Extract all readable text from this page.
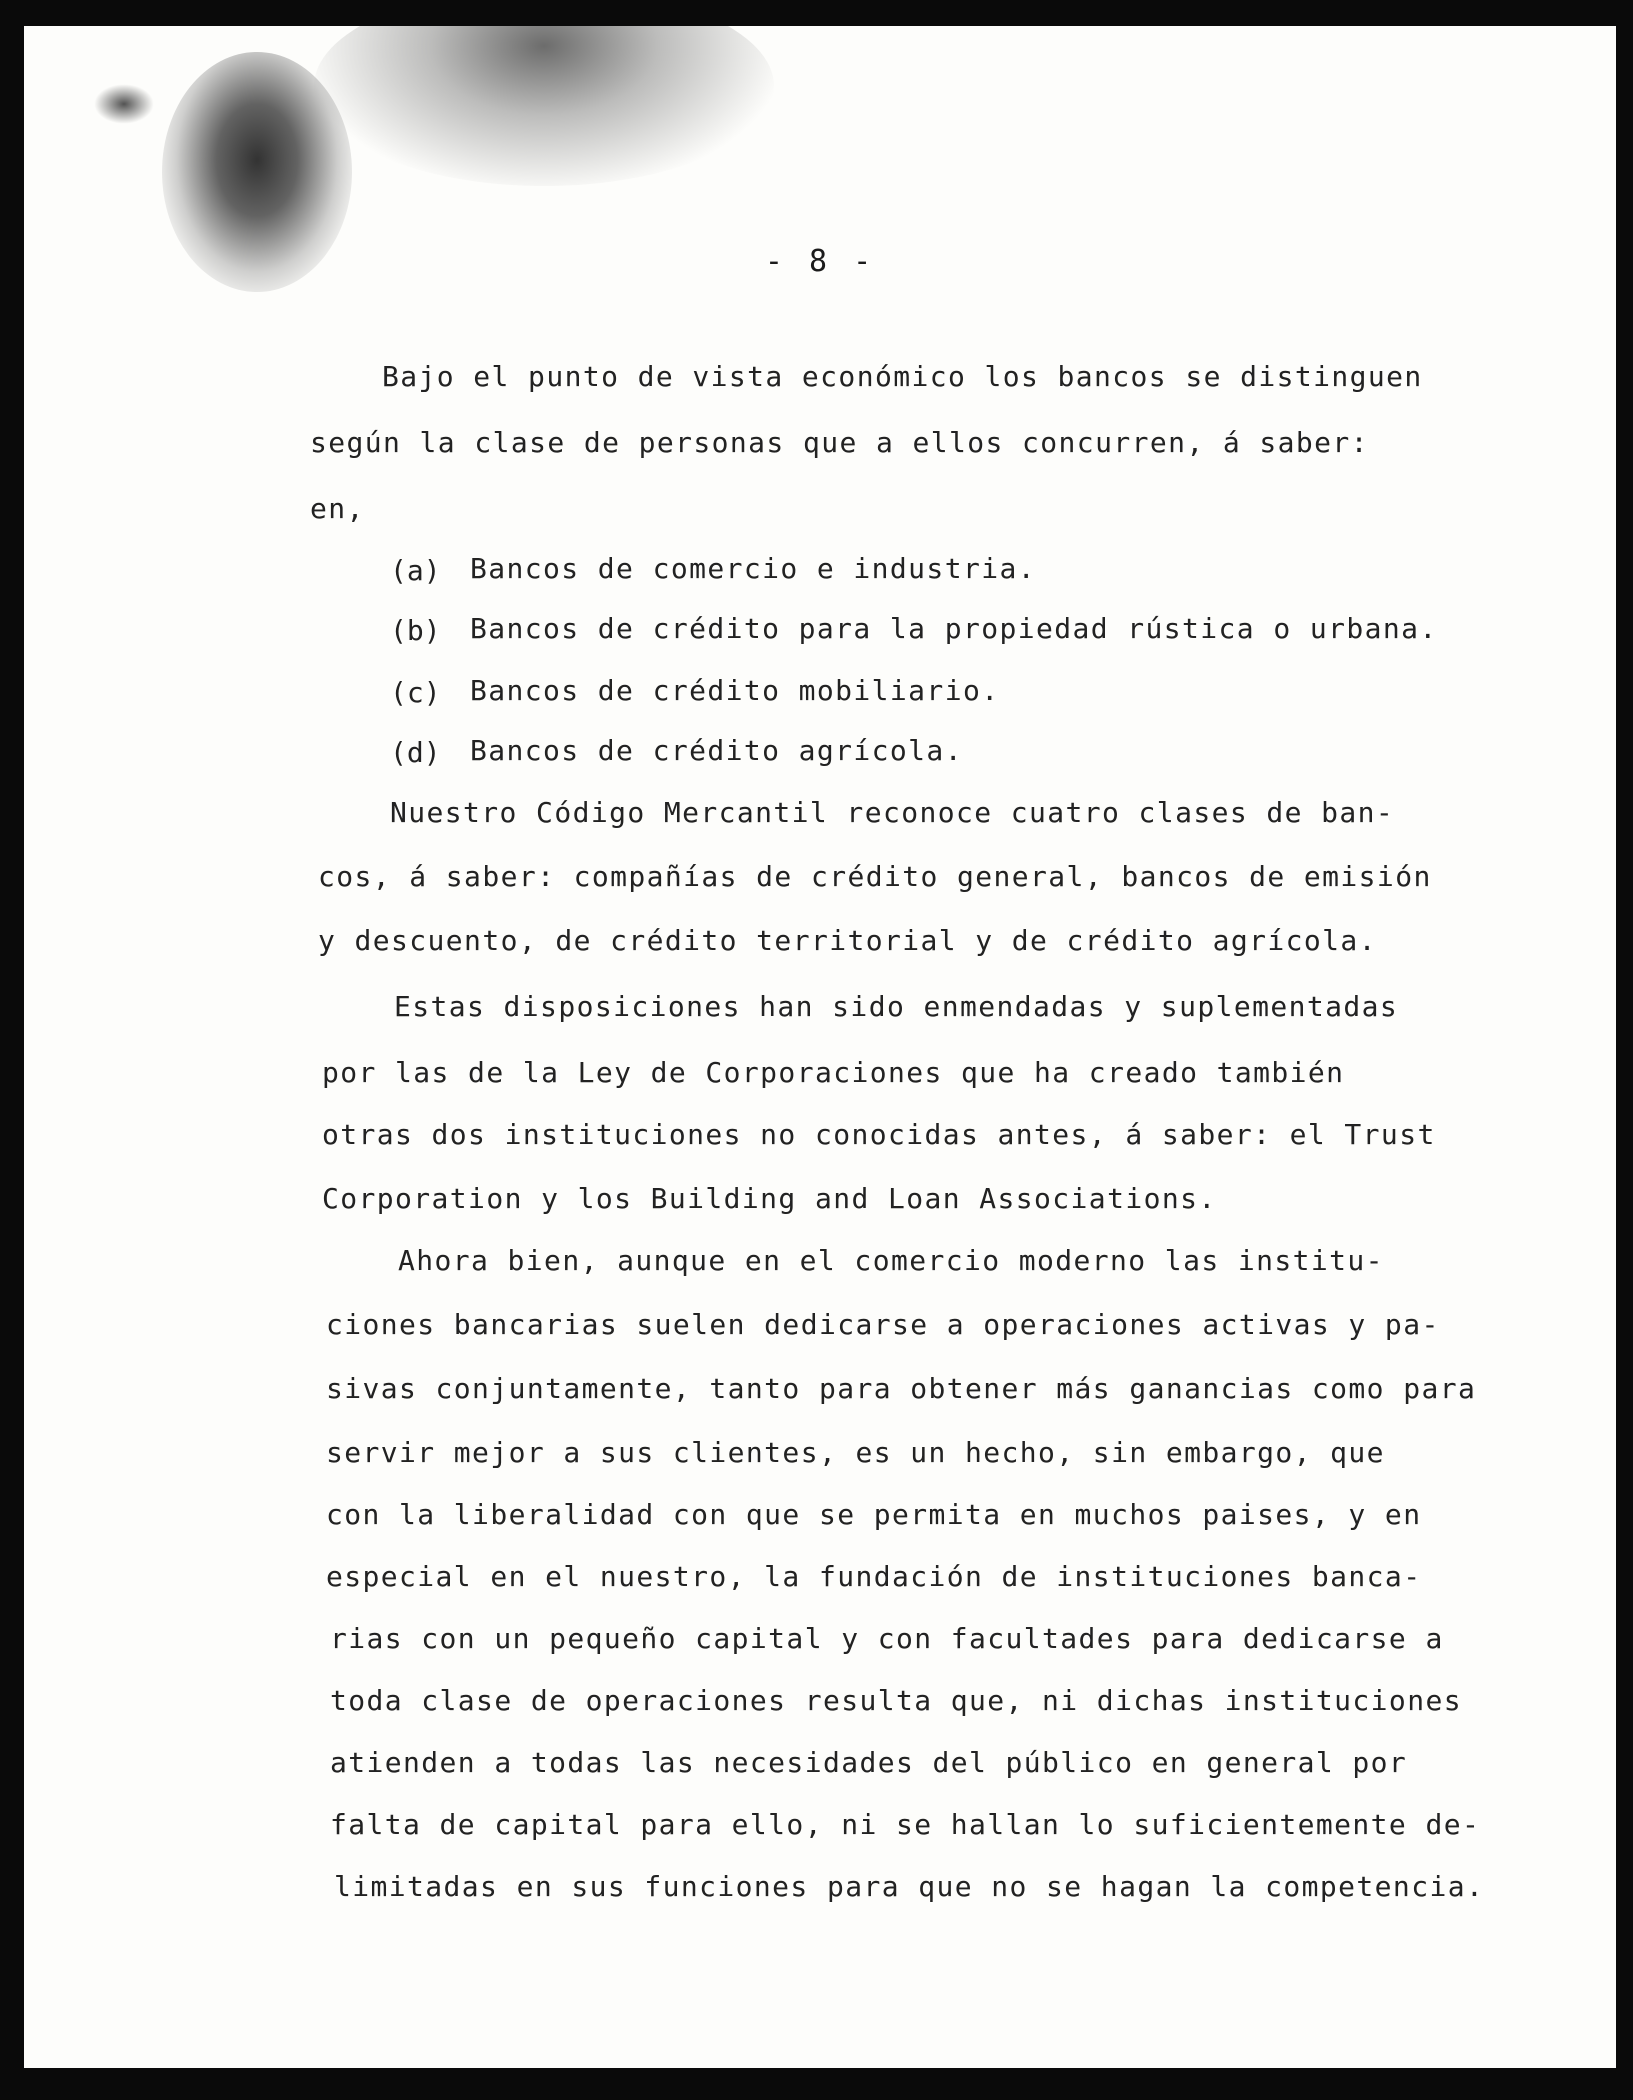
- 8 -
Bajo el punto de vista económico los bancos se distinguen
según la clase de personas que a ellos concurren, á saber:
en,
(a) Bancos de comercio e industria.
(b) Bancos de crédito para la propiedad rústica o urbana.
(c) Bancos de crédito mobiliario.
(d) Bancos de crédito agrícola.
Nuestro Código Mercantil reconoce cuatro clases de ban-
cos, á saber: compañías de crédito general, bancos de emisión
y descuento, de crédito territorial y de crédito agrícola.
Estas disposiciones han sido enmendadas y suplementadas
por las de la Ley de Corporaciones que ha creado también
otras dos instituciones no conocidas antes, á saber: el Trust
Corporation y los Building and Loan Associations.
Ahora bien, aunque en el comercio moderno las institu-
ciones bancarias suelen dedicarse a operaciones activas y pa-
sivas conjuntamente, tanto para obtener más ganancias como para
servir mejor a sus clientes, es un hecho, sin embargo, que
con la liberalidad con que se permita en muchos paises, y en
especial en el nuestro, la fundación de instituciones banca-
rias con un pequeño capital y con facultades para dedicarse a
toda clase de operaciones resulta que, ni dichas instituciones
atienden a todas las necesidades del público en general por
falta de capital para ello, ni se hallan lo suficientemente de-
limitadas en sus funciones para que no se hagan la competencia.
